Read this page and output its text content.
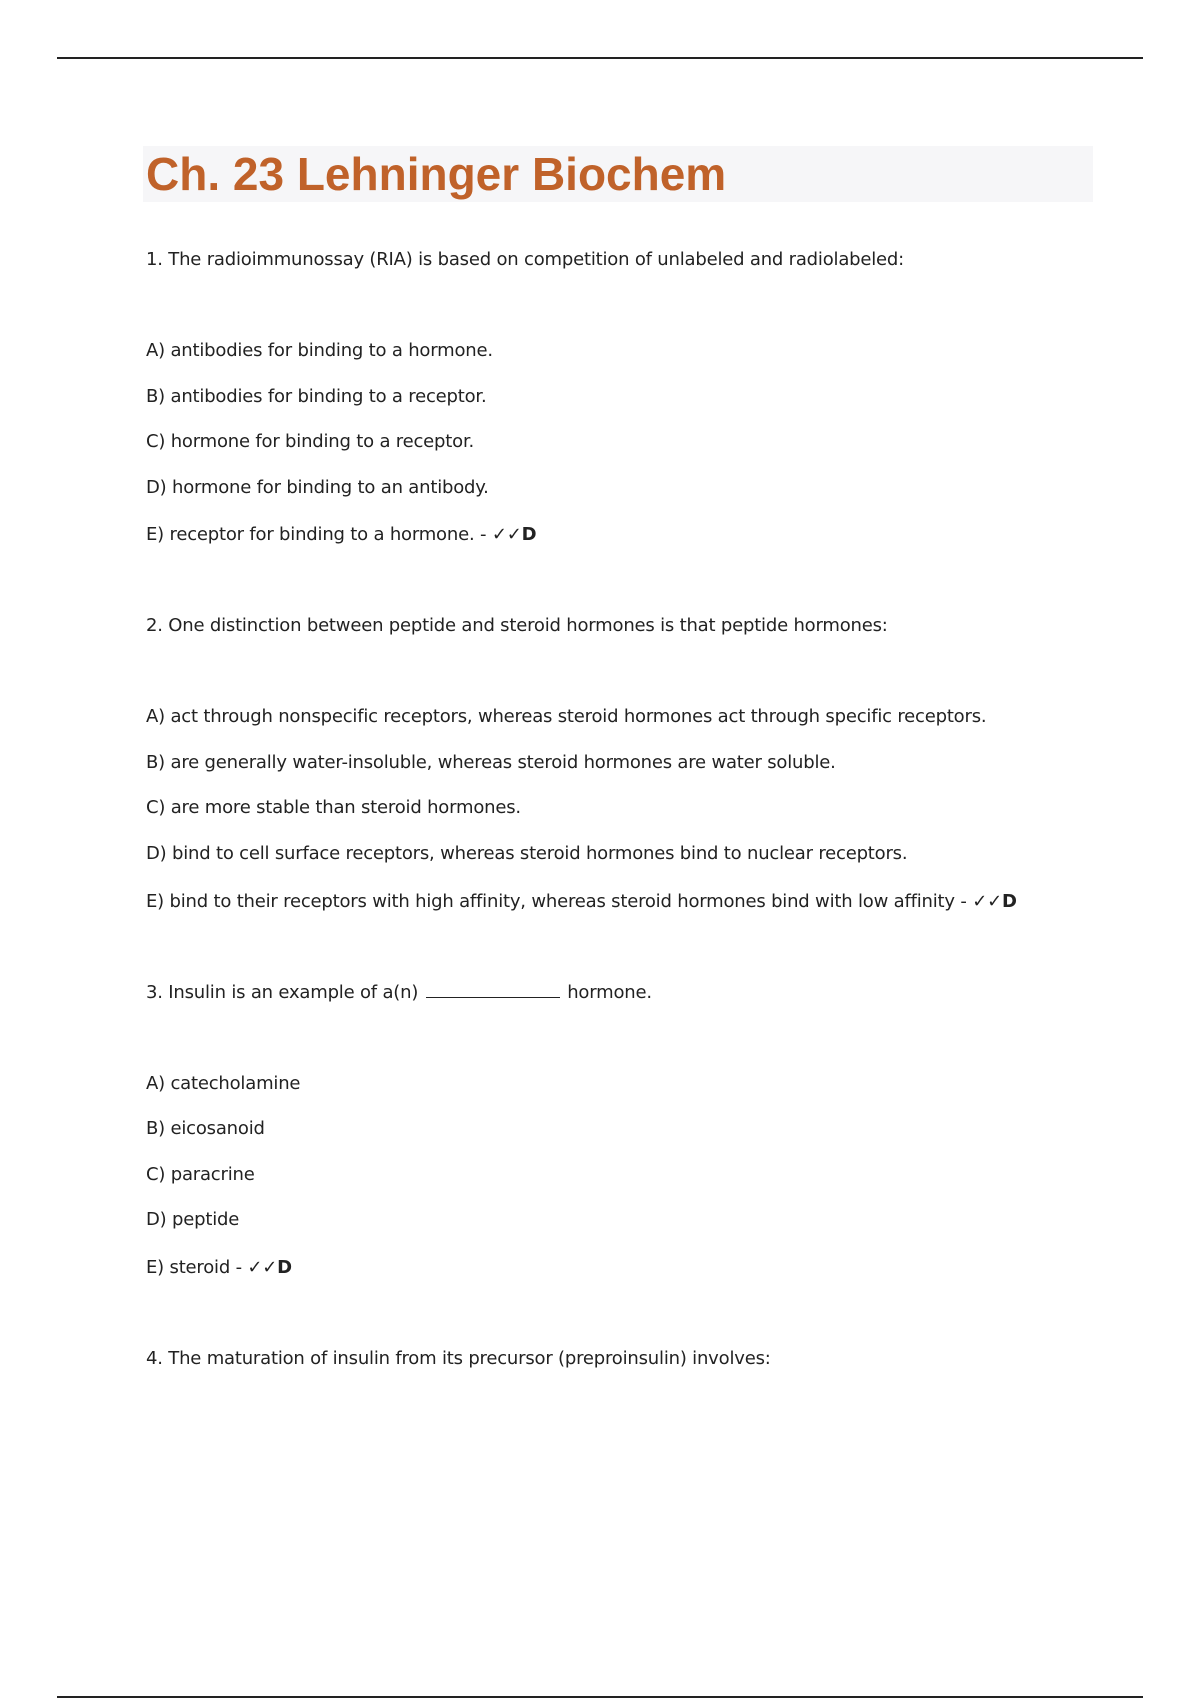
Ch. 23 Lehninger Biochem
1. The radioimmunossay (RIA) is based on competition of unlabeled and radiolabeled:
A) antibodies for binding to a hormone.
B) antibodies for binding to a receptor.
C) hormone for binding to a receptor.
D) hormone for binding to an antibody.
E) receptor for binding to a hormone. - ✓✓D
2. One distinction between peptide and steroid hormones is that peptide hormones:
A) act through nonspecific receptors, whereas steroid hormones act through specific receptors.
B) are generally water-insoluble, whereas steroid hormones are water soluble.
C) are more stable than steroid hormones.
D) bind to cell surface receptors, whereas steroid hormones bind to nuclear receptors.
E) bind to their receptors with high affinity, whereas steroid hormones bind with low affinity - ✓✓D
3. Insulin is an example of a(n)	hormone.
A) catecholamine
B) eicosanoid
C) paracrine
D) peptide
E) steroid - ✓✓D
4. The maturation of insulin from its precursor (preproinsulin) involves:
